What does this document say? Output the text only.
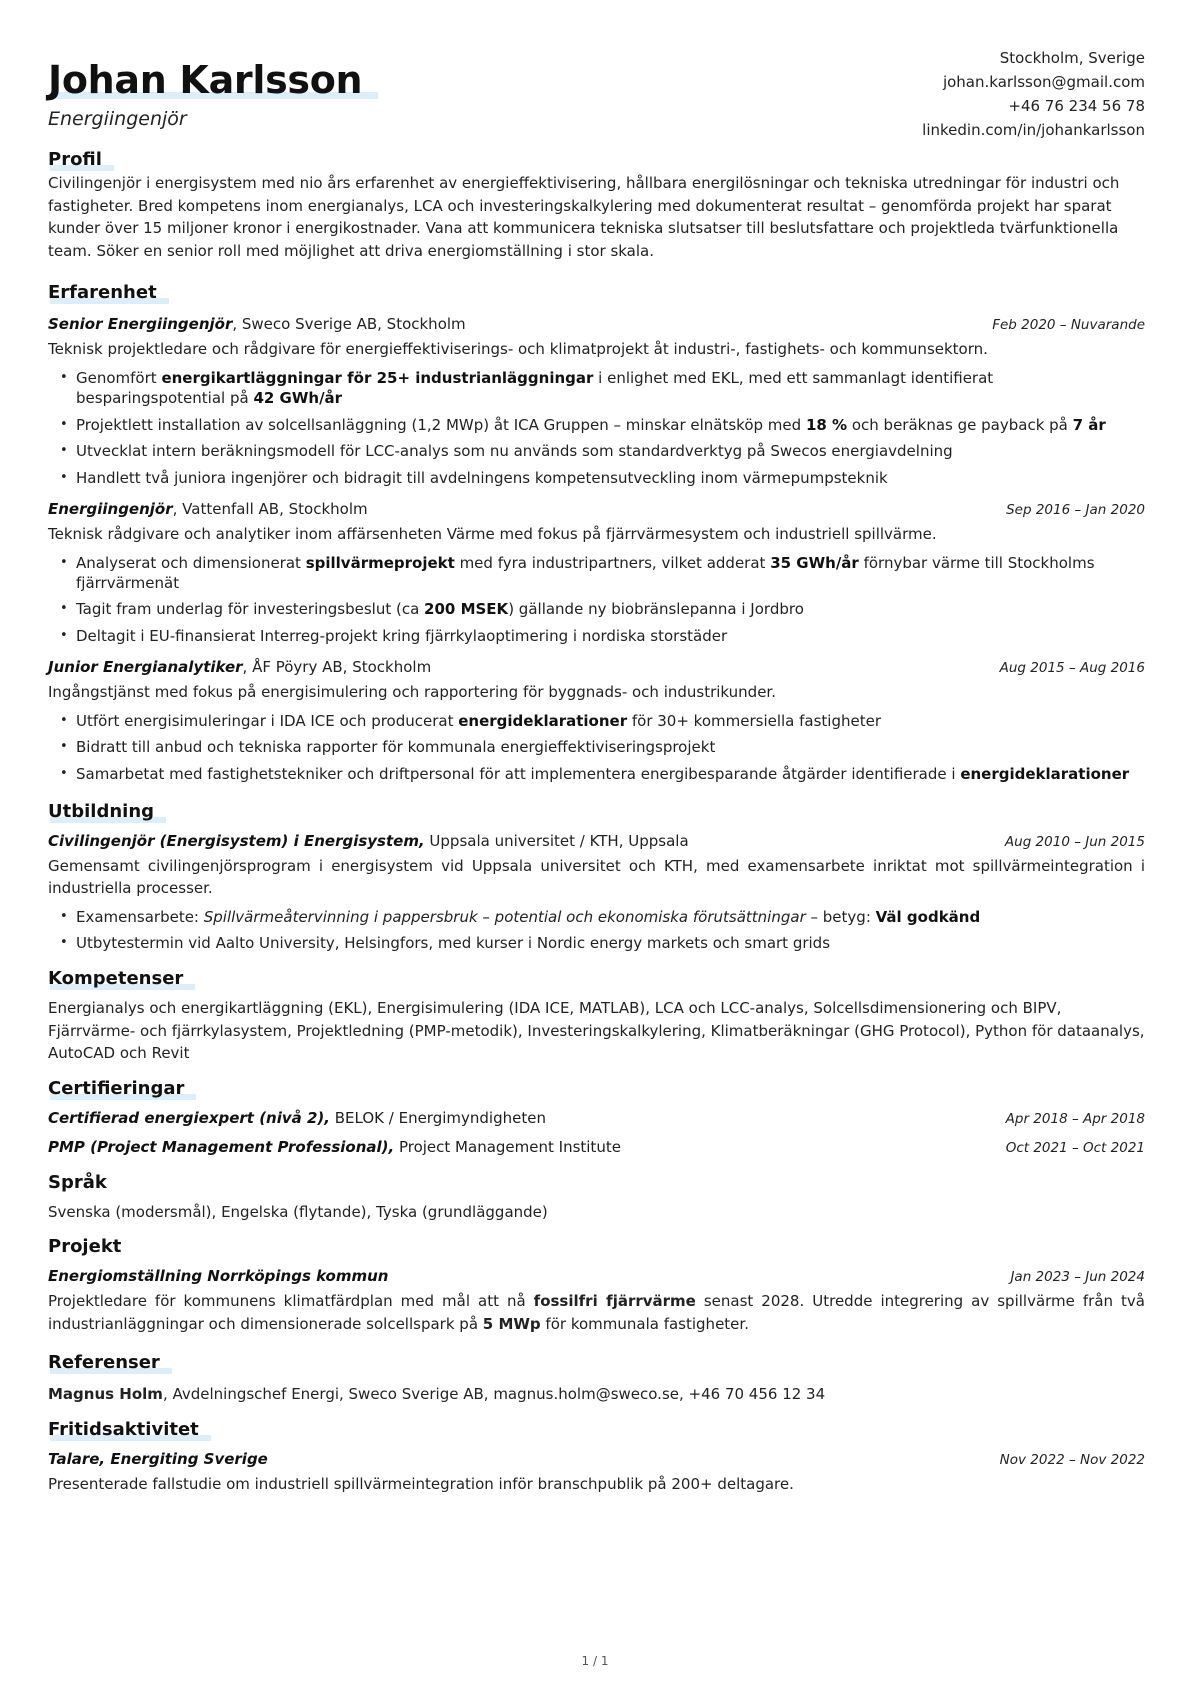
Johan Karlsson
Energiingenjör
Stockholm, Sverige
johan.karlsson@gmail.com
+46 76 234 56 78
linkedin.com/in/johankarlsson
Profil

Civilingenjör i energisystem med nio års erfarenhet av energieffektivisering, hållbara energilösningar och tekniska utredningar för industri och fastigheter. Bred kompetens inom energianalys, LCA och investeringskalkylering med dokumenterat resultat – genomförda projekt har sparat kunder över 15 miljoner kronor i energikostnader. Vana att kommunicera tekniska slutsatser till beslutsfattare och projektleda tvärfunktionella team. Söker en senior roll med möjlighet att driva energiomställning i stor skala.

Erfarenhet
Senior Energiingenjör, Sweco Sverige AB, Stockholm	Feb 2020 – Nuvarande
Teknisk projektledare och rådgivare för energieffektiviserings- och klimatprojekt åt industri-, fastighets- och kommunsektorn.
• Genomfört energikartläggningar för 25+ industrianläggningar i enlighet med EKL, med ett sammanlagt identifierat besparingspotential på 42 GWh/år
• Projektlett installation av solcellsanläggning (1,2 MWp) åt ICA Gruppen – minskar elnätsköp med 18 % och beräknas ge payback på 7 år
• Utvecklat intern beräkningsmodell för LCC-analys som nu används som standardverktyg på Swecos energiavdelning
• Handlett två juniora ingenjörer och bidragit till avdelningens kompetensutveckling inom värmepumpsteknik
Energiingenjör, Vattenfall AB, Stockholm	Sep 2016 – Jan 2020
Teknisk rådgivare och analytiker inom affärsenheten Värme med fokus på fjärrvärmesystem och industriell spillvärme.
• Analyserat och dimensionerat spillvärmeprojekt med fyra industripartners, vilket adderat 35 GWh/år förnybar värme till Stockholms fjärrvärmenät
• Tagit fram underlag för investeringsbeslut (ca 200 MSEK) gällande ny biobränslepanna i Jordbro
• Deltagit i EU-finansierat Interreg-projekt kring fjärrkylaoptimering i nordiska storstäder
Junior Energianalytiker, ÅF Pöyry AB, Stockholm	Aug 2015 – Aug 2016
Ingångstjänst med fokus på energisimulering och rapportering för byggnads- och industrikunder.
• Utfört energisimuleringar i IDA ICE och producerat energideklarationer för 30+ kommersiella fastigheter
• Bidratt till anbud och tekniska rapporter för kommunala energieffektiviseringsprojekt
• Samarbetat med fastighetstekniker och driftpersonal för att implementera energibesparande åtgärder identifierade i energideklarationer
Utbildning
Civilingenjör (Energisystem) i Energisystem, Uppsala universitet / KTH, Uppsala	Aug 2010 – Jun 2015
Gemensamt civilingenjörsprogram i energisystem vid Uppsala universitet och KTH, med examensarbete inriktat mot spillvärmeintegration i industriella processer.
• Examensarbete: Spillvärmeåtervinning i pappersbruk – potential och ekonomiska förutsättningar – betyg: Väl godkänd
• Utbytestermin vid Aalto University, Helsingfors, med kurser i Nordic energy markets och smart grids
Kompetenser

Energianalys och energikartläggning (EKL), Energisimulering (IDA ICE, MATLAB), LCA och LCC-analys, Solcellsdimensionering och BIPV, Fjärrvärme- och fjärrkylasystem, Projektledning (PMP-metodik), Investeringskalkylering, Klimatberäkningar (GHG Protocol), Python för dataanalys, AutoCAD och Revit

Certifieringar
Certifierad energiexpert (nivå 2), BELOK / Energimyndigheten	Apr 2018 – Apr 2018
PMP (Project Management Professional), Project Management Institute	Oct 2021 – Oct 2021
Språk

Svenska (modersmål), Engelska (flytande), Tyska (grundläggande)

Projekt
Energiomställning Norrköpings kommun	Jan 2023 – Jun 2024

Projektledare för kommunens klimatfärdplan med mål att nå fossilfri fjärrvärme senast 2028. Utredde integrering av spillvärme från två industrianläggningar och dimensionerade solcellspark på 5 MWp för kommunala fastigheter.

Referenser

Magnus Holm, Avdelningschef Energi, Sweco Sverige AB, magnus.holm@sweco.se, +46 70 456 12 34

Fritidsaktivitet
Talare, Energiting Sverige	Nov 2022 – Nov 2022

Presenterade fallstudie om industriell spillvärmeintegration inför branschpublik på 200+ deltagare.

1 / 1
